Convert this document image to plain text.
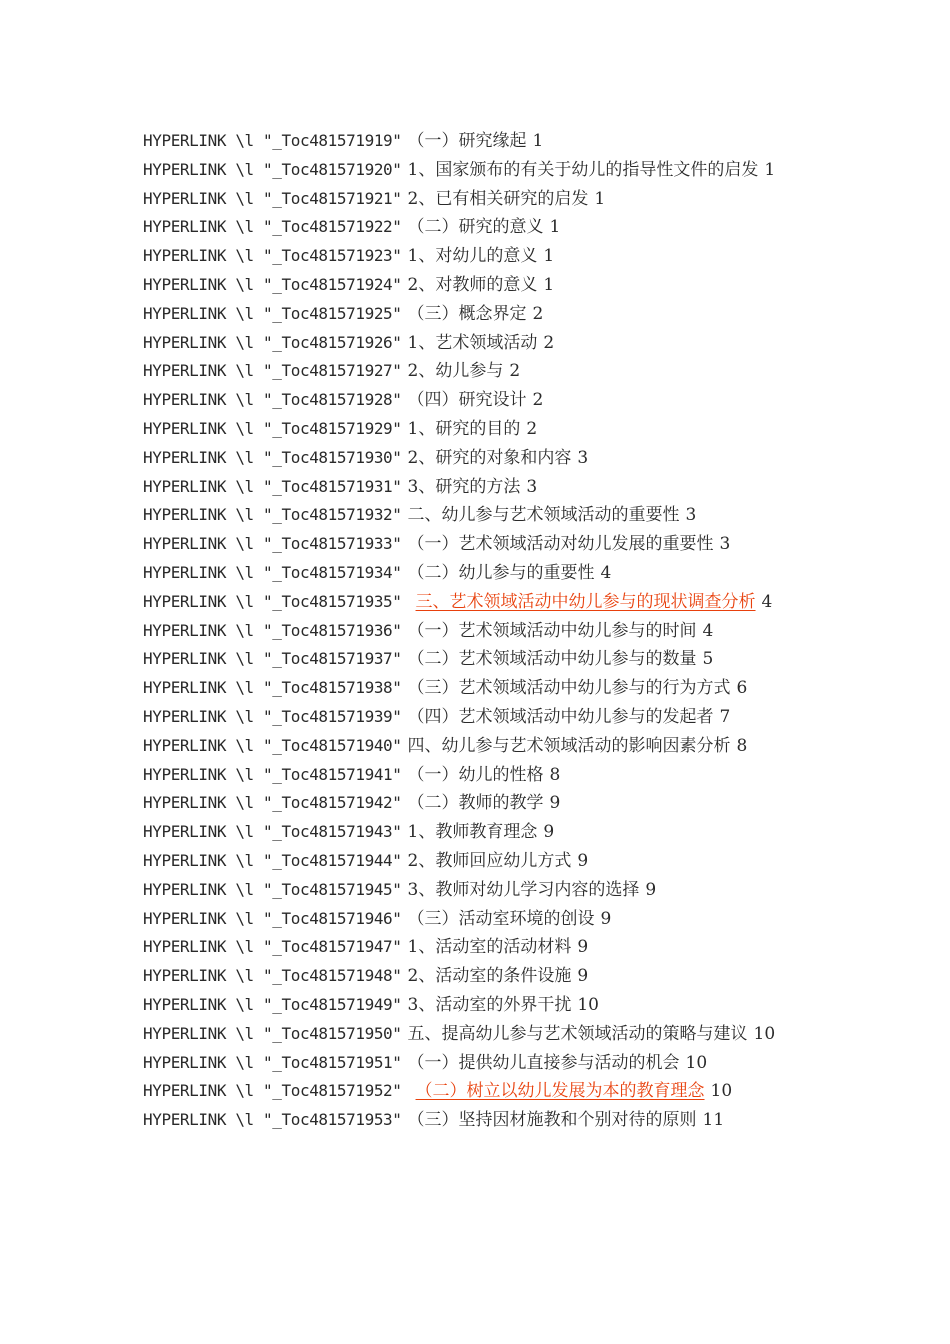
HYPERLINK \l "_Toc481571919" （一）研究缘起 1
HYPERLINK \l "_Toc481571920" 1、国家颁布的有关于幼儿的指导性文件的启发 1
HYPERLINK \l "_Toc481571921" 2、已有相关研究的启发 1
HYPERLINK \l "_Toc481571922" （二）研究的意义 1
HYPERLINK \l "_Toc481571923" 1、对幼儿的意义 1
HYPERLINK \l "_Toc481571924" 2、对教师的意义 1
HYPERLINK \l "_Toc481571925" （三）概念界定 2
HYPERLINK \l "_Toc481571926" 1、艺术领域活动 2
HYPERLINK \l "_Toc481571927" 2、幼儿参与 2
HYPERLINK \l "_Toc481571928" （四）研究设计 2
HYPERLINK \l "_Toc481571929" 1、研究的目的 2
HYPERLINK \l "_Toc481571930" 2、研究的对象和内容 3
HYPERLINK \l "_Toc481571931" 3、研究的方法 3
HYPERLINK \l "_Toc481571932" 二、幼儿参与艺术领域活动的重要性 3
HYPERLINK \l "_Toc481571933" （一）艺术领域活动对幼儿发展的重要性 3
HYPERLINK \l "_Toc481571934" （二）幼儿参与的重要性 4
HYPERLINK \l "_Toc481571935" 三、艺术领域活动中幼儿参与的现状调查分析 4
HYPERLINK \l "_Toc481571936" （一）艺术领域活动中幼儿参与的时间 4
HYPERLINK \l "_Toc481571937" （二）艺术领域活动中幼儿参与的数量 5
HYPERLINK \l "_Toc481571938" （三）艺术领域活动中幼儿参与的行为方式 6
HYPERLINK \l "_Toc481571939" （四）艺术领域活动中幼儿参与的发起者 7
HYPERLINK \l "_Toc481571940" 四、幼儿参与艺术领域活动的影响因素分析 8
HYPERLINK \l "_Toc481571941" （一）幼儿的性格 8
HYPERLINK \l "_Toc481571942" （二）教师的教学 9
HYPERLINK \l "_Toc481571943" 1、教师教育理念 9
HYPERLINK \l "_Toc481571944" 2、教师回应幼儿方式 9
HYPERLINK \l "_Toc481571945" 3、教师对幼儿学习内容的选择 9
HYPERLINK \l "_Toc481571946" （三）活动室环境的创设 9
HYPERLINK \l "_Toc481571947" 1、活动室的活动材料 9
HYPERLINK \l "_Toc481571948" 2、活动室的条件设施 9
HYPERLINK \l "_Toc481571949" 3、活动室的外界干扰 10
HYPERLINK \l "_Toc481571950" 五、提高幼儿参与艺术领域活动的策略与建议 10
HYPERLINK \l "_Toc481571951" （一）提供幼儿直接参与活动的机会 10
HYPERLINK \l "_Toc481571952" （二）树立以幼儿发展为本的教育理念 10
HYPERLINK \l "_Toc481571953" （三）坚持因材施教和个别对待的原则 11
